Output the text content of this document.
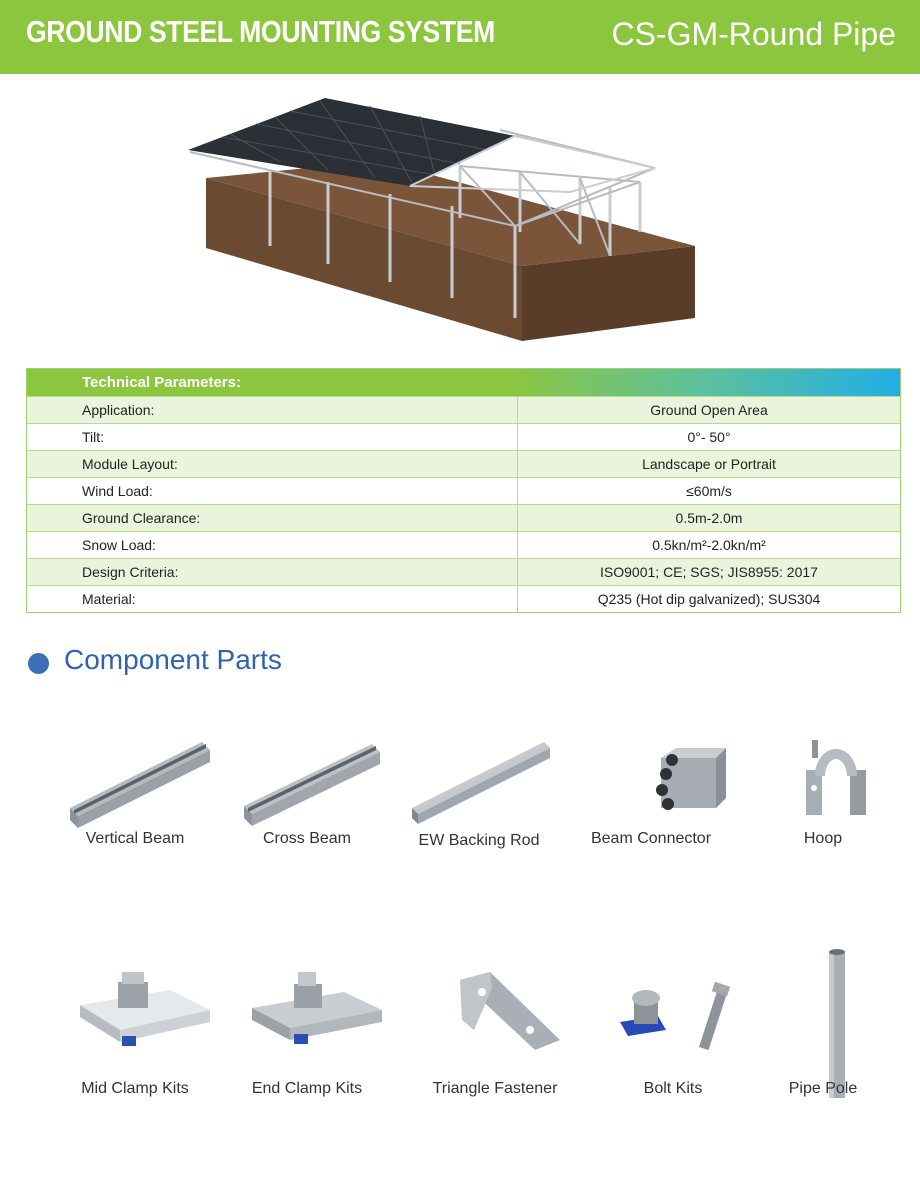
GROUND STEEL MOUNTING SYSTEM	CS-GM-Round Pipe
Technical Parameters:
Application:	Ground Open Area
Tilt:	0°- 50°
Module Layout:	Landscape or Portrait
Wind Load:	≤60m/s
Ground Clearance:	0.5m-2.0m
Snow Load:	0.5kn/m²-2.0kn/m²
Design Criteria:	ISO9001; CE; SGS; JIS8955: 2017
Material:	Q235 (Hot dip galvanized); SUS304
Component Parts
Vertical Beam	Cross Beam	EW Backing Rod	Beam Connector	Hoop
Mid Clamp Kits	End Clamp Kits	Triangle Fastener	Bolt Kits	Pipe Pole
